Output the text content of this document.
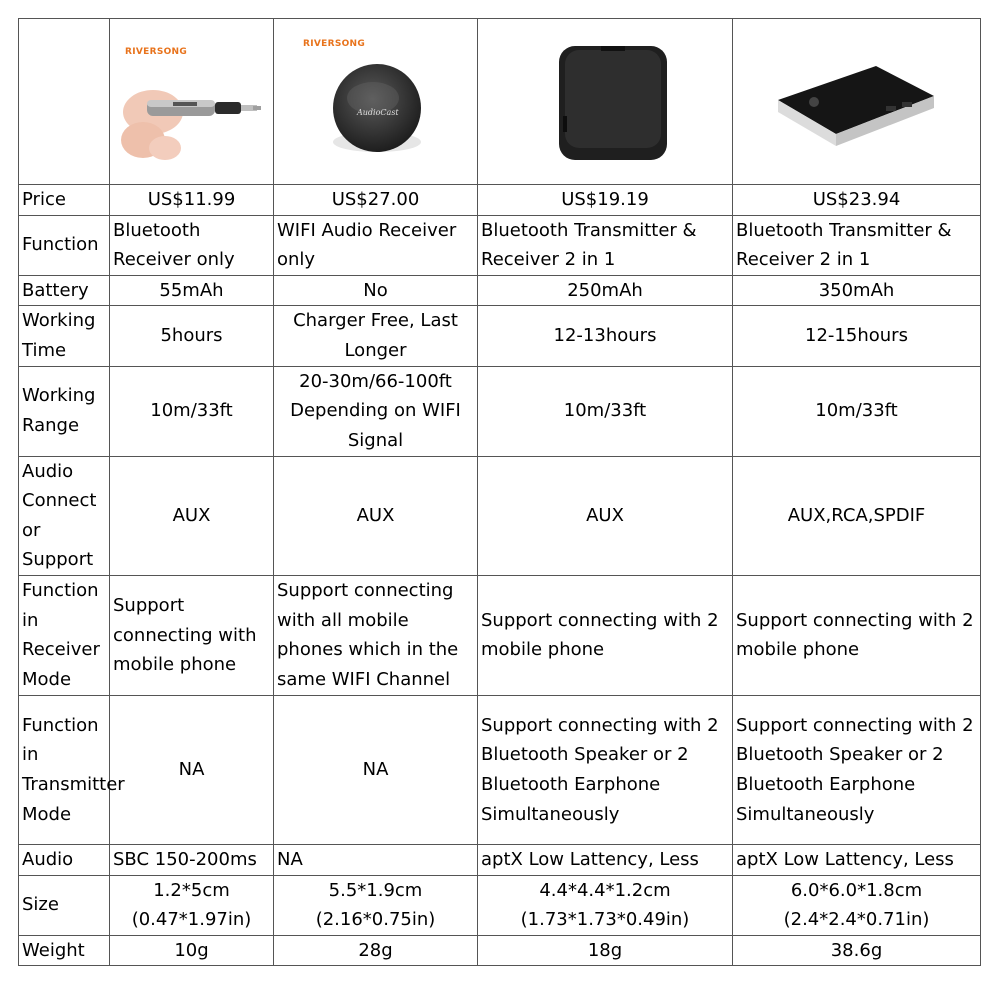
	RIVERSONG	RIVERSONG
AudioCast

Price	US$11.99	US$27.00	US$19.19	US$23.94
Function	Bluetooth Receiver only	WIFI Audio Receiver only	Bluetooth Transmitter & Receiver 2 in 1	Bluetooth Transmitter & Receiver 2 in 1
Battery	55mAh	No	250mAh	350mAh
Working Time	5hours	Charger Free, Last Longer	12-13hours	12-15hours
Working Range	10m/33ft	20-30m/66-100ft Depending on WIFI Signal	10m/33ft	10m/33ft
Audio Connect or Support	AUX	AUX	AUX	AUX,RCA,SPDIF
Function in Receiver Mode	Support connecting with mobile phone	Support connecting with all mobile phones which in the same WIFI Channel	Support connecting with 2 mobile phone	Support connecting with 2 mobile phone
Function in Transmitter Mode	NA	NA	Support connecting with 2 Bluetooth Speaker or 2 Bluetooth Earphone Simultaneously	Support connecting with 2 Bluetooth Speaker or 2 Bluetooth Earphone Simultaneously
Audio	SBC 150-200ms	NA	aptX Low Lattency, Less	aptX Low Lattency, Less
Size	1.2*5cm (0.47*1.97in)	5.5*1.9cm (2.16*0.75in)	4.4*4.4*1.2cm (1.73*1.73*0.49in)	6.0*6.0*1.8cm (2.4*2.4*0.71in)
Weight	10g	28g	18g	38.6g
